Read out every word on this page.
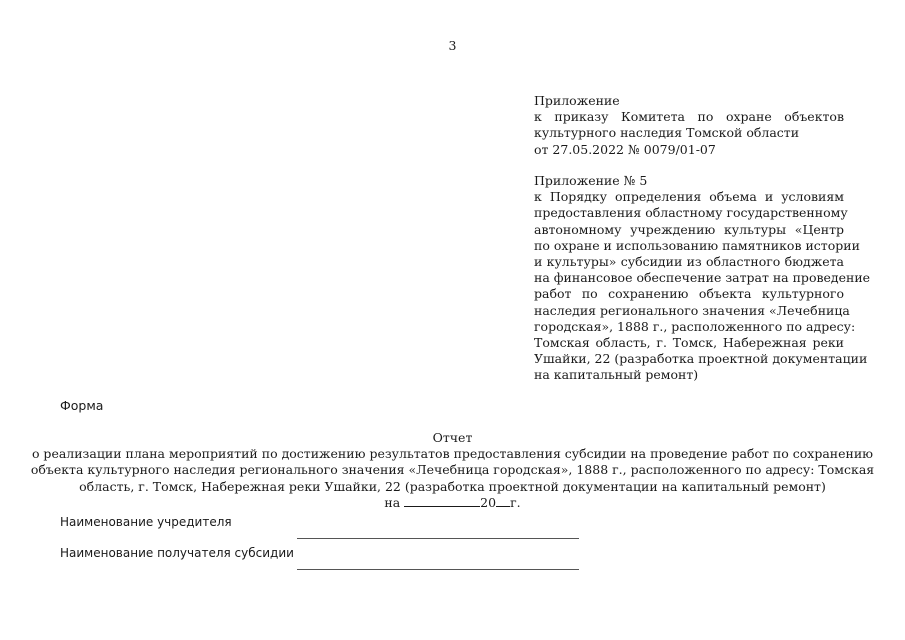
3
Приложение
к приказу Комитета по охране объектов
культурного наследия Томской области
от 27.05.2022 № 0079/01-07
Приложение № 5
к Порядку определения объема и условиям
предоставления областному государственному
автономному учреждению культуры «Центр
по охране и использованию памятников истории
и культуры» субсидии из областного бюджета
на финансовое обеспечение затрат на проведение
работ по сохранению объекта культурного
наследия регионального значения «Лечебница
городская», 1888 г., расположенного по адресу:
Томская область, г. Томск, Набережная реки
Ушайки, 22 (разработка проектной документации
на капитальный ремонт)
Форма
Отчет
о реализации плана мероприятий по достижению результатов предоставления субсидии на проведение работ по сохранению
объекта культурного наследия регионального значения «Лечебница городская», 1888 г., расположенного по адресу: Томская
область, г. Томск, Набережная реки Ушайки, 22 (разработка проектной документации на капитальный ремонт)
на	20 г.
Наименование учредителя
Наименование получателя субсидии
